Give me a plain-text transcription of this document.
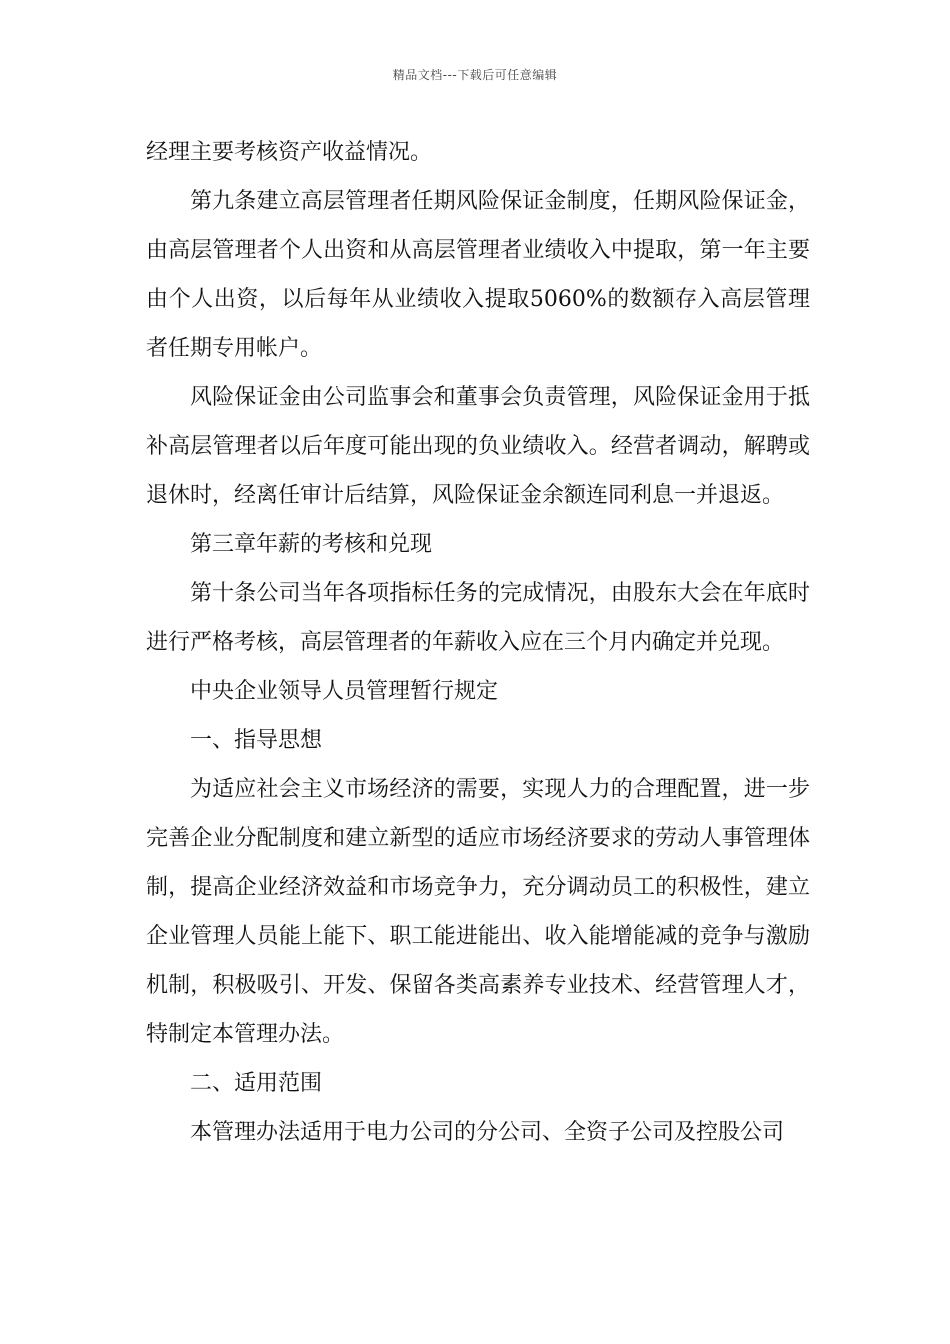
精品文档---下载后可任意编辑

经理主要考核资产收益情况。

第九条建立高层管理者任期风险保证金制度，任期风险保证金，由高层管理者个人出资和从高层管理者业绩收入中提取，第一年主要由个人出资，以后每年从业绩收入提取5060%的数额存入高层管理者任期专用帐户。

风险保证金由公司监事会和董事会负责管理，风险保证金用于抵补高层管理者以后年度可能出现的负业绩收入。经营者调动，解聘或退休时，经离任审计后结算，风险保证金余额连同利息一并退返。

第三章年薪的考核和兑现

第十条公司当年各项指标任务的完成情况，由股东大会在年底时进行严格考核，高层管理者的年薪收入应在三个月内确定并兑现。

中央企业领导人员管理暂行规定

一、指导思想

为适应社会主义市场经济的需要，实现人力的合理配置，进一步完善企业分配制度和建立新型的适应市场经济要求的劳动人事管理体制，提高企业经济效益和市场竞争力，充分调动员工的积极性，建立企业管理人员能上能下、职工能进能出、收入能增能减的竞争与激励机制，积极吸引、开发、保留各类高素养专业技术、经营管理人才，特制定本管理办法。

二、适用范围

本管理办法适用于电力公司的分公司、全资子公司及控股公司
